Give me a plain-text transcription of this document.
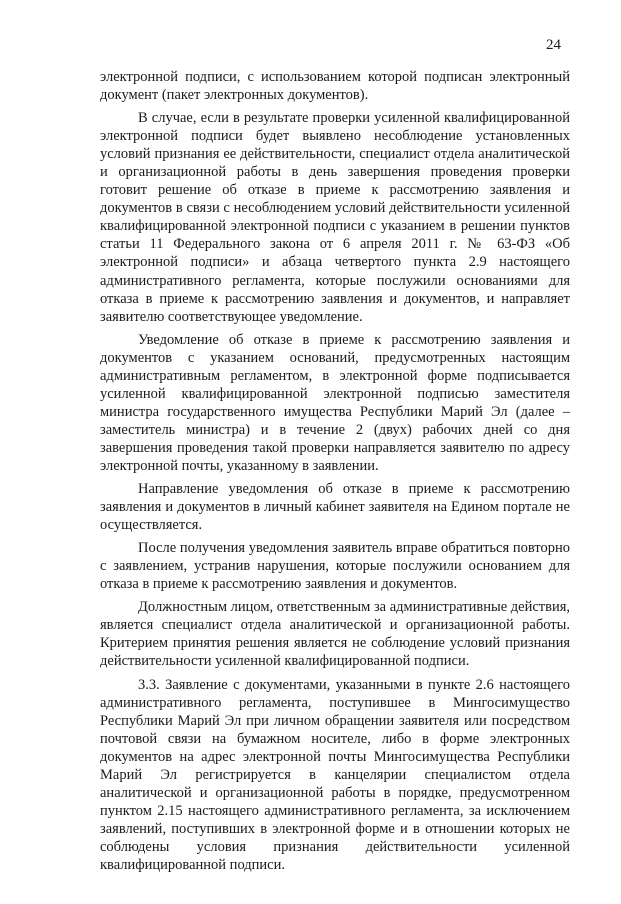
24

электронной подписи, с использованием которой подписан электронный документ (пакет электронных документов).

В случае, если в результате проверки усиленной квалифицированной электронной подписи будет выявлено несоблюдение установленных условий признания ее действительности, специалист отдела аналитической и организационной работы в день завершения проведения проверки готовит решение об отказе в приеме к рассмотрению заявления и документов в связи с несоблюдением условий действительности усиленной квалифицированной электронной подписи с указанием в решении пунктов статьи 11 Федерального закона от 6 апреля 2011 г. № 63-ФЗ «Об электронной подписи» и абзаца четвертого пункта 2.9 настоящего административного регламента, которые послужили основаниями для отказа в приеме к рассмотрению заявления и документов, и направляет заявителю соответствующее уведомление.

Уведомление об отказе в приеме к рассмотрению заявления и документов с указанием оснований, предусмотренных настоящим административным регламентом, в электронной форме подписывается усиленной квалифицированной электронной подписью заместителя министра государственного имущества Республики Марий Эл (далее – заместитель министра) и в течение 2 (двух) рабочих дней со дня завершения проведения такой проверки направляется заявителю по адресу электронной почты, указанному в заявлении.

Направление уведомления об отказе в приеме к рассмотрению заявления и документов в личный кабинет заявителя на Едином портале не осуществляется.

После получения уведомления заявитель вправе обратиться повторно с заявлением, устранив нарушения, которые послужили основанием для отказа в приеме к рассмотрению заявления и документов.

Должностным лицом, ответственным за административные действия, является специалист отдела аналитической и организационной работы. Критерием принятия решения является не соблюдение условий признания действительности усиленной квалифицированной подписи.

3.3. Заявление с документами, указанными в пункте 2.6 настоящего административного регламента, поступившее в Мингосимущество Республики Марий Эл при личном обращении заявителя или посредством почтовой связи на бумажном носителе, либо в форме электронных документов на адрес электронной почты Мингосимущества Республики Марий Эл регистрируется в канцелярии специалистом отдела аналитической и организационной работы в порядке, предусмотренном пунктом 2.15 настоящего административного регламента, за исключением заявлений, поступивших в электронной форме и в отношении которых не соблюдены условия признания действительности усиленной квалифицированной подписи.
